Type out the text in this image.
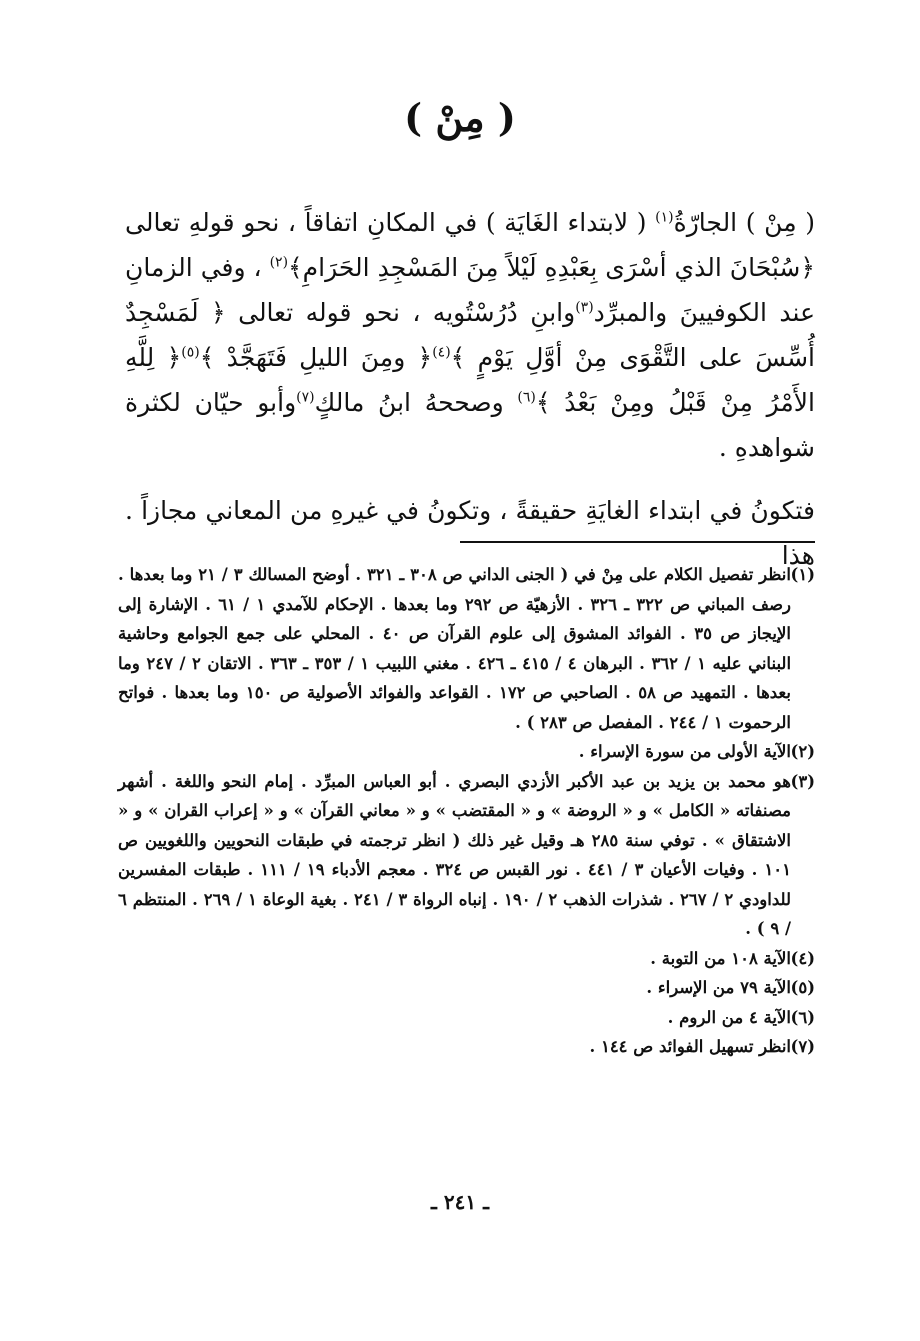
( مِنْ )

( مِنْ ) الجارّةُ$^{(١)}$ ( لابتداء الغَايَة ) في المكانِ اتفاقاً ، نحو قولهِ تعالى ﴿سُبْحَانَ الذي أسْرَى بِعَبْدِهِ لَيْلاً مِنَ المَسْجِدِ الحَرَامِ﴾$^{(٢)}$ ، وفي الزمانِ عند الكوفيينَ والمبرِّد$^{(٣)}$وابنِ دُرُسْتُويه ، نحو قوله تعالى ﴿ لَمَسْجِدٌ أُسِّسَ على التَّقْوَى مِنْ أوَّلِ يَوْمٍ ﴾$^{(٤)}$﴿ ومِنَ الليلِ فَتَهَجَّدْ ﴾$^{(٥)}$﴿ لِلَّهِ الأَمْرُ مِنْ قَبْلُ ومِنْ بَعْدُ ﴾$^{(٦)}$ وصححهُ ابنُ مالكٍ$^{(٧)}$وأبو حيّان لكثرة شواهدهِ .

فتكونُ في ابتداء الغايَةِ حقيقةً ، وتكونُ في غيرهِ من المعاني مجازاً . هذا

(١)
انظر تفصيل الكلام على مِنْ في ( الجنى الداني ص ٣٠٨ ـ ٣٢١ . أوضح المسالك ٣ / ٢١ وما بعدها . رصف المباني ص ٣٢٢ ـ ٣٢٦ . الأزهيّة ص ٢٩٢ وما بعدها . الإحكام للآمدي ١ / ٦١ . الإشارة إلى الإيجاز ص ٣٥ . الفوائد المشوق إلى علوم القرآن ص ٤٠ . المحلي على جمع الجوامع وحاشية البناني عليه ١ / ٣٦٢ . البرهان ٤ / ٤١٥ ـ ٤٢٦ . مغني اللبيب ١ / ٣٥٣ ـ ٣٦٣ . الاتقان ٢ / ٢٤٧ وما بعدها . التمهيد ص ٥٨ . الصاحبي ص ١٧٢ . القواعد والفوائد الأصولية ص ١٥٠ وما بعدها . فواتح الرحموت ١ / ٢٤٤ . المفصل ص ٢٨٣ ) .

(٢)
الآية الأولى من سورة الإسراء .

(٣)
هو محمد بن يزيد بن عبد الأكبر الأزدي البصري . أبو العباس المبرِّد . إمام النحو واللغة . أشهر مصنفاته « الكامل » و « الروضة » و « المقتضب » و « معاني القرآن » و « إعراب القران » و « الاشتقاق » . توفي سنة ٢٨٥ هـ وقيل غير ذلك ( انظر ترجمته في طبقات النحويين واللغويين ص ١٠١ . وفيات الأعيان ٣ / ٤٤١ . نور القبس ص ٣٢٤ . معجم الأدباء ١٩ / ١١١ . طبقات المفسرين للداودي ٢ / ٢٦٧ . شذرات الذهب ٢ / ١٩٠ . إنباه الرواة ٣ / ٢٤١ . بغية الوعاة ١ / ٢٦٩ . المنتظم ٦ / ٩ ) .

(٤)
الآية ١٠٨ من التوبة .

(٥)
الآية ٧٩ من الإسراء .

(٦)
الآية ٤ من الروم .

(٧)
انظر تسهيل الفوائد ص ١٤٤ .

ـ ٢٤١ ـ
